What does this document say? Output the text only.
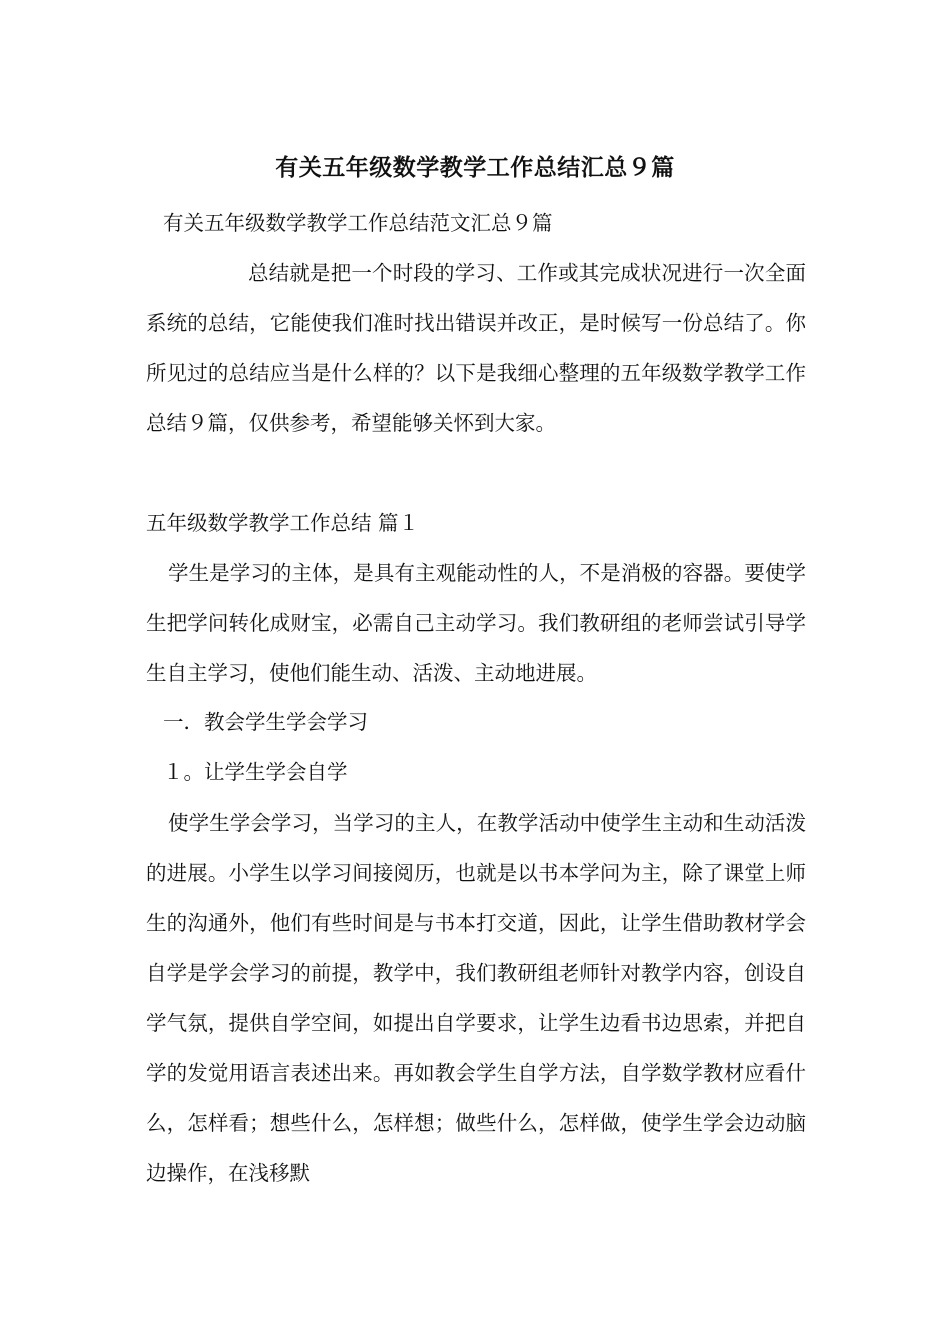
有关五年级数学教学工作总结汇总９篇
有关五年级数学教学工作总结范文汇总９篇
总结就是把一个时段的学习、工作或其完成状况进行一次全面系统的总结，它能使我们准时找出错误并改正，是时候写一份总结了。你所见过的总结应当是什么样的？以下是我细心整理的五年级数学教学工作总结９篇，仅供参考，希望能够关怀到大家。
五年级数学教学工作总结 篇１
学生是学习的主体，是具有主观能动性的人，不是消极的容器。要使学生把学问转化成财宝，必需自己主动学习。我们教研组的老师尝试引导学生自主学习，使他们能生动、活泼、主动地进展。
一．教会学生学会学习
１。让学生学会自学
使学生学会学习，当学习的主人，在教学活动中使学生主动和生动活泼的进展。小学生以学习间接阅历，也就是以书本学问为主，除了课堂上师生的沟通外，他们有些时间是与书本打交道，因此，让学生借助教材学会自学是学会学习的前提，教学中，我们教研组老师针对教学内容，创设自学气氛，提供自学空间，如提出自学要求，让学生边看书边思索，并把自学的发觉用语言表述出来。再如教会学生自学方法，自学数学教材应看什么，怎样看；想些什么，怎样想；做些什么，怎样做，使学生学会边动脑边操作，在浅移默
